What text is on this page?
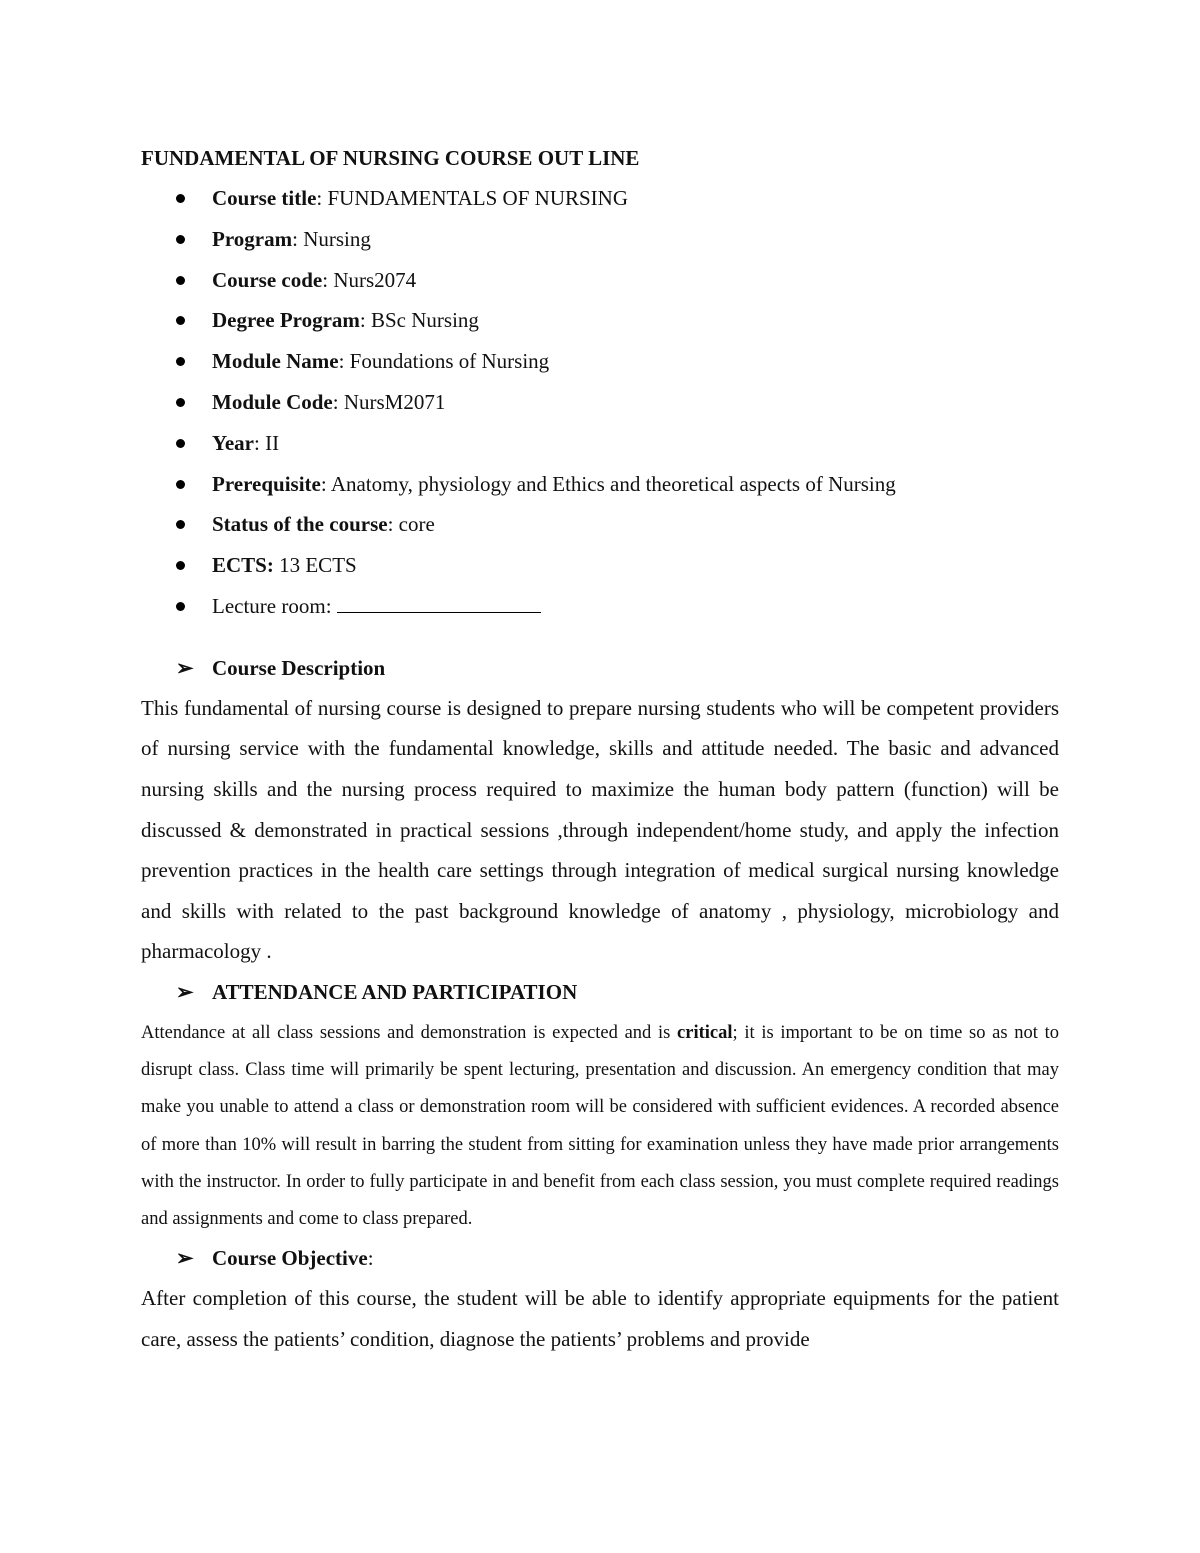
FUNDAMENTAL OF NURSING COURSE OUT LINE
Course title: FUNDAMENTALS OF NURSING
Program: Nursing
Course code: Nurs2074
Degree Program: BSc Nursing
Module Name: Foundations of Nursing
Module Code: NursM2071
Year: II
Prerequisite: Anatomy, physiology and Ethics and theoretical aspects of Nursing
Status of the course: core
ECTS: 13 ECTS
Lecture room:
➢ Course Description

This fundamental of nursing course is designed to prepare nursing students who will be competent providers of nursing service with the fundamental knowledge, skills and attitude needed. The basic and advanced nursing skills and the nursing process required to maximize the human body pattern (function) will be discussed & demonstrated in practical sessions ,through independent/home study, and apply the infection prevention practices in the health care settings through integration of medical surgical nursing knowledge and skills with related to the past background knowledge of anatomy , physiology, microbiology and pharmacology .

➢ ATTENDANCE AND PARTICIPATION

Attendance at all class sessions and demonstration is expected and is critical; it is important to be on time so as not to disrupt class. Class time will primarily be spent lecturing, presentation and discussion. An emergency condition that may make you unable to attend a class or demonstration room will be considered with sufficient evidences. A recorded absence of more than 10% will result in barring the student from sitting for examination unless they have made prior arrangements with the instructor. In order to fully participate in and benefit from each class session, you must complete required readings and assignments and come to class prepared.

➢ Course Objective:

After completion of this course, the student will be able to identify appropriate equipments for the patient care, assess the patients’ condition, diagnose the patients’ problems and provide
